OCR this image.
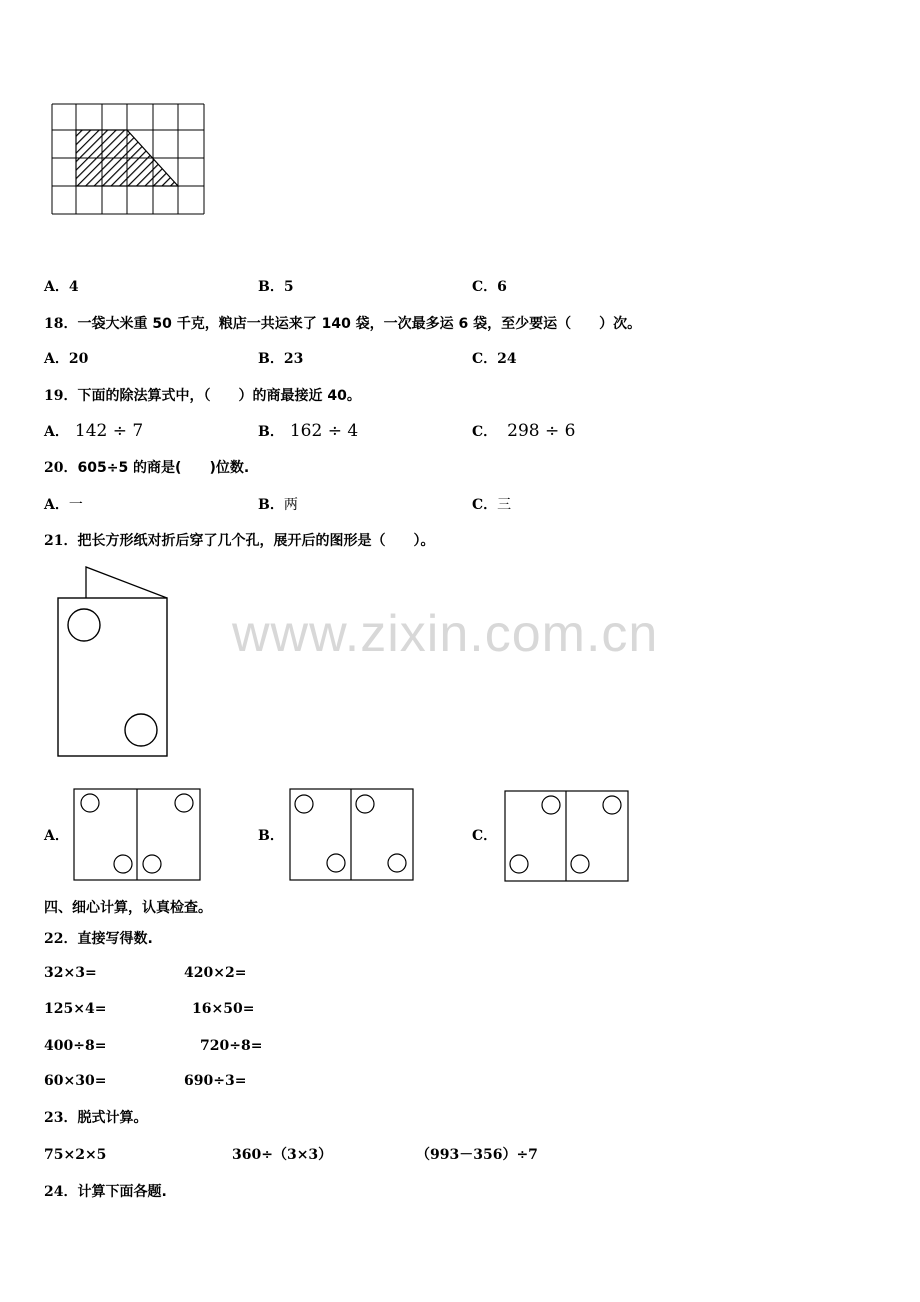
A．4	B．5	C．6
18．一袋大米重 50 千克，粮店一共运来了 140 袋，一次最多运 6 袋，至少要运（　　）次。
A．20	B．23	C．24
19．下面的除法算式中，（　　）的商最接近 40。
A． 142 ÷ 7	B． 162 ÷ 4	C． 298 ÷ 6
20．605÷5 的商是(　　)位数.
A．一	B．两	C．三
21．把长方形纸对折后穿了几个孔，展开后的图形是（　　）。
www.zixin.com.cn
A．	B．	C．
四、细心计算，认真检查。
22．直接写得数.
32×3=	420×2=
125×4=	16×50=
400÷8=	720÷8=
60×30=	690÷3=
23．脱式计算。
75×2×5	360÷（3×3）	（993－356）÷7
24．计算下面各题.
